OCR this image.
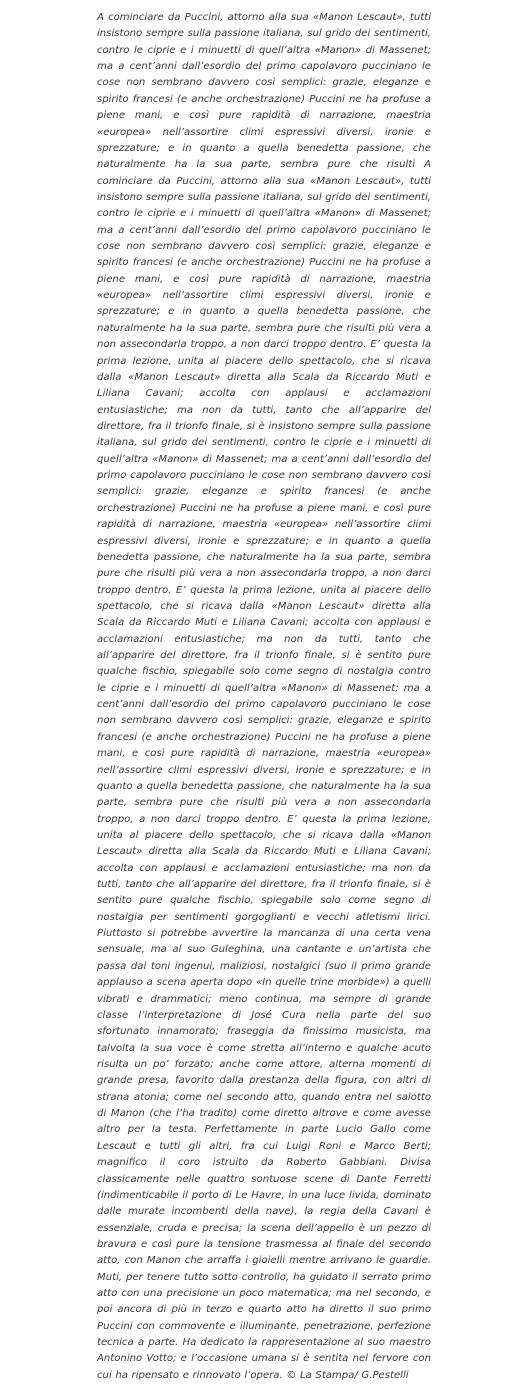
A cominciare da Puccini, attorno alla sua «Manon Lescaut», tutti insistono sempre sulla passione italiana, sul grido dei sentimenti, contro le ciprie e i minuetti di quell’altra «Manon» di Massenet; ma a cent’anni dall’esordio del primo capolavoro pucciniano le cose non sembrano davvero così semplici: grazie, eleganze e spirito francesi (e anche orchestrazione) Puccini ne ha profuse a piene mani, e così pure rapidità di narrazione, maestria «europea» nell’assortire climi espressivi diversi, ironie e sprezzature; e in quanto a quella benedetta passione, che naturalmente ha la sua parte, sembra pure che risulti A cominciare da Puccini, attorno alla sua «Manon Lescaut», tutti insistono sempre sulla passione italiana, sul grido dei sentimenti, contro le ciprie e i minuetti di quell’altra «Manon» di Massenet; ma a cent’anni dall’esordio del primo capolavoro pucciniano le cose non sembrano davvero così semplici: grazie, eleganze e spirito francesi (e anche orchestrazione) Puccini ne ha profuse a piene mani, e così pure rapidità di narrazione, maestria «europea» nell’assortire climi espressivi diversi, ironie e sprezzature; e in quanto a quella benedetta passione, che naturalmente ha la sua parte, sembra pure che risulti più vera a non assecondarla troppo, a non darci troppo dentro. E’ questa la prima lezione, unita al piacere dello spettacolo, che si ricava dalla «Manon Lescaut» diretta alla Scala da Riccardo Muti e Liliana Cavani; accolta con applausi e acclamazioni entusiastiche; ma non da tutti, tanto che all’apparire del direttore, fra il trionfo finale, si è insistono sempre sulla passione italiana, sul grido dei sentimenti, contro le ciprie e i minuetti di quell’altra «Manon» di Massenet; ma a cent’anni dall’esordio del primo capolavoro pucciniano le cose non sembrano davvero così semplici: grazie, eleganze e spirito francesi (e anche orchestrazione) Puccini ne ha profuse a piene mani, e così pure rapidità di narrazione, maestria «europea» nell’assortire climi espressivi diversi, ironie e sprezzature; e in quanto a quella benedetta passione, che naturalmente ha la sua parte, sembra pure che risulti più vera a non assecondarla troppo, a non darci troppo dentro. E’ questa la prima lezione, unita al piacere dello spettacolo, che si ricava dalla «Manon Lescaut» diretta alla Scala da Riccardo Muti e Liliana Cavani; accolta con applausi e acclamazioni entusiastiche; ma non da tutti, tanto che all’apparire del direttore, fra il trionfo finale, si è sentito pure qualche fischio, spiegabile solo come segno di nostalgia contro le ciprie e i minuetti di quell’altra «Manon» di Massenet; ma a cent’anni dall’esordio del primo capolavoro pucciniano le cose non sembrano davvero così semplici: grazie, eleganze e spirito francesi (e anche orchestrazione) Puccini ne ha profuse a piene mani, e così pure rapidità di narrazione, maestria «europea» nell’assortire climi espressivi diversi, ironie e sprezzature; e in quanto a quella benedetta passione, che naturalmente ha la sua parte, sembra pure che risulti più vera a non assecondarla troppo, a non darci troppo dentro. E’ questa la prima lezione, unita al piacere dello spettacolo, che si ricava dalla «Manon Lescaut» diretta alla Scala da Riccardo Muti e Liliana Cavani; accolta con applausi e acclamazioni entusiastiche; ma non da tutti, tanto che all’apparire del direttore, fra il trionfo finale, si è sentito pure qualche fischio, spiegabile solo come segno di nostalgia per sentimenti gorgoglianti e vecchi atletismi lirici. Piuttosto si potrebbe avvertire la mancanza di una certa vena sensuale, ma al suo Guleghina, una cantante e un’artista che passa dai toni ingenui, maliziosi, nostalgici (suo il primo grande applauso a scena aperta dopo «In quelle trine morbide») a quelli vibrati e drammatici; meno continua, ma sempre di grande classe l’interpretazione di José Cura nella parte del suo sfortunato innamorato; fraseggia da finissimo musicista, ma talvolta la sua voce è come stretta all’interno e qualche acuto risulta un po’ forzato; anche come attore, alterna momenti di grande presa, favorito dalla prestanza della figura, con altri di strana atonia; come nel secondo atto, quando entra nel salotto di Manon (che l’ha tradito) come diretto altrove e come avesse altro per la testa. Perfettamente in parte Lucio Gallo come Lescaut e tutti gli altri, fra cui Luigi Roni e Marco Berti; magnifico il coro istruito da Roberto Gabbiani. Divisa classicamente nelle quattro sontuose scene di Dante Ferretti (indimenticabile il porto di Le Havre, in una luce livida, dominato dalle murate incombenti della nave), la regia della Cavani è essenziale, cruda e precisa; la scena dell’appello è un pezzo di bravura e così pure la tensione trasmessa al finale del secondo atto, con Manon che arraffa i gioielli mentre arrivano le guardie. Muti, per tenere tutto sotto controllo, ha guidato il serrato primo atto con una precisione un poco matematica; ma nel secondo, e poi ancora di più in terzo e quarto atto ha diretto il suo primo Puccini con commovente e illuminante. penetrazione, perfezione tecnica a parte. Ha dedicato la rappresentazione al suo maestro Antonino Votto; e l’occasione umana si è sentita nel fervore con cui ha ripensato e rinnovato l’opera. © La Stampa/ G.Pestelli
